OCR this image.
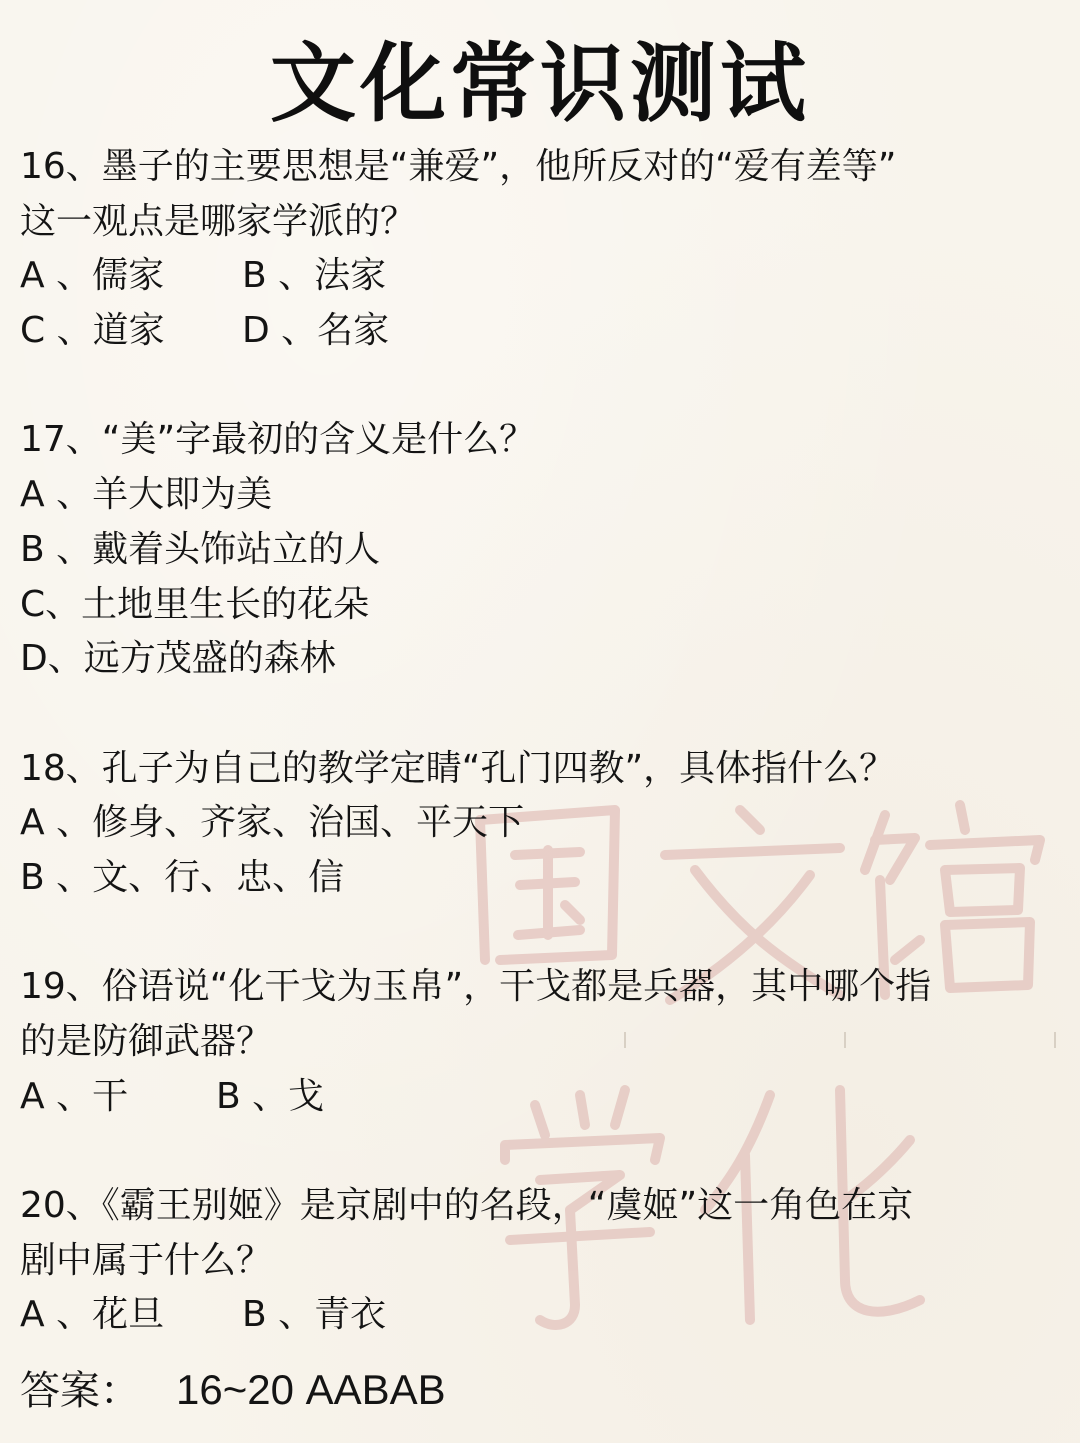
文化常识测试
16、墨子的主要思想是“兼爱”，他所反对的“爱有差等”
这一观点是哪家学派的？
A 、儒家 B 、法家
C 、道家 D 、名家
17、“美”字最初的含义是什么？
A 、羊大即为美
B 、戴着头饰站立的人
C、土地里生长的花朵
D、远方茂盛的森林
18、孔子为自己的教学定睛“孔门四教”，具体指什么？
A 、修身、齐家、治国、平天下
B 、文、行、忠、信
19、俗语说“化干戈为玉帛”，干戈都是兵器，其中哪个指
的是防御武器？
A 、干 B 、戈
20、《霸王别姬》是京剧中的名段，“虞姬”这一角色在京
剧中属于什么？
A 、花旦 B 、青衣
答案： 16~20 AABAB
